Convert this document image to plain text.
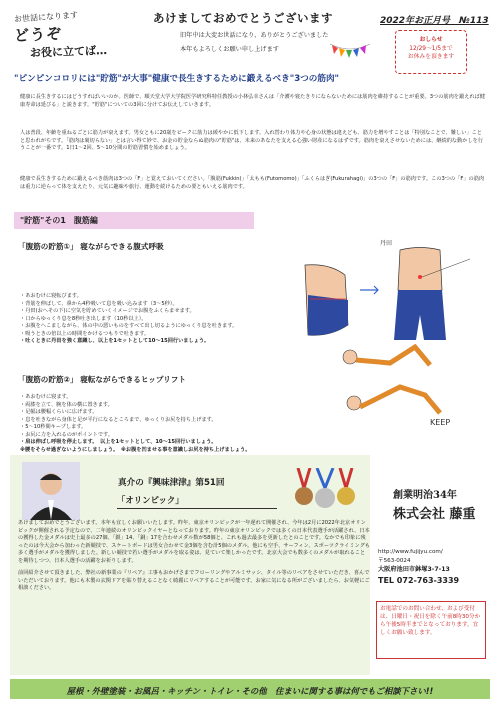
お世話になります
どうぞ
お役に立てば…
あけましておめでとうございます	2022年お正月号　№113
旧年中は大変お世話になり、ありがとうございました
本年もよろしくお願い申し上げます
おしらせ
12/29～1/5まで
お休みを頂きます
"ピンピンコロリには"貯筋"が大事"健康で長生きするために鍛えるべき"3つの筋肉"
健康に長生きするにはどうすればいいのか。医師で、順天堂大学大学院医学研究科特任教授の小林弘幸さんは「介護や寝たきりにならないためには筋肉を維持することが重要。3つの筋肉を鍛えれば健康寿命は延びる」と説きます。"貯筋"についての3回に分けてお伝えしていきます。
人は普段、年齢を重ねるごとに筋力が衰えます。男女ともに20歳をピークに筋力は緩やかに低下します。入れ替わり体力や心身の状態は違えども、筋力を増やすことは「特別なことで、難しい」ことと思われがちです。「筋肉は裏切らない」とは言い得て妙で、お金の貯金ならぬ筋肉の"貯筋"は、未来のあなたを支える心強い財産になるはずです。筋肉を衰えさせないためには、継続的な動かしを行うことが一番です。1日1～2回、5～10分間の貯筋習慣を始めましょう。
健康で長生きするために鍛えるべき筋肉は3つの「F」と覚えておいてください。「腹筋(Fukkin)」「太もも(Futomomo)」「ふくらはぎ(Fukurahagi)」の3つの「F」の筋肉です。この3つの「F」の筋肉は重力に逆らって体を支えたり、元気に趣味や旅行、運動を続けるための要ともいえる筋肉です。
"貯筋"その1　腹筋編
「腹筋の貯筋①」 寝ながらできる腹式呼吸
・あおむけに寝転びます。
・背筋を伸ばして、鼻から4秒吸いて息を吸い込みます（3～5秒）。
・丹田(おへその下)に空気を貯めていくイメージでお腹をふくらませます。
・口からゆっくり息を8秒吐き出します（10秒以上）。
・お腹をへこましながら、体の中の悪いものをすべて出し切るようにゆっくり息を吐きます。
・吸うときの倍以上の時間をかけるつもりで吐きます。
・吐くときに丹田を強く意識し、以上を1セットとして10～15回行いましょう。
丹田
「腹筋の貯筋②」 寝転ながらできるヒップリフト
・あおむけに寝ます。
・両膝を立て、腕を体の横に置きます。
・足幅は腰幅くらいに広げます。
・息を吐きながら身体と足が平行になるところまで、ゆっくりお尻を持ち上げます。
・5～10秒間キープします。
・お尻に力を入れるのがポイントです。
・肩は伸ばし呼吸を停止します。　以上を1セットとして、10～15回行いましょう。
※腰をそらせ過ぎないようにしましょう。　※お腹を凹ませる事を意識しお尻を持ち上げましょう。
KEEP
真介の『興味津津』第51回
「オリンピック」
あけましておめでとうございます。本年も宜しくお願いいたします。昨年、東京オリンピックが一年遅れて開催され、今年は2月に2022年北京オリンピックが開催される予定なので、二年連続のオリンピックイヤーとなっております。昨年の東京オリンピックでは多くの日本代表選手が活躍され、日本の獲得した金メダルは史上最多の27個、「銀」14、「銅」17を合わせメダル数が58個と、これも過去最多を更新したとのことです。なかでも印象に残ったのは今大会から加わった新競技で、スケートボードは男女合わせて金3個を含む計5個のメダル。他にも空手、サーフィン、スポーツクライミングも多く選手がメダルを獲得しました。新しい競技で若い選手がメダルを取る姿は、見ていて楽しかったです。北京大会でも数多くのメダルが取れることを期待しつつ、日本人選手の活躍をお祈りします。
前回紹介させて頂きました、弊社の新事業の『リペア』工事もおかげさまでフローリングやアルミサッシ、タイル等のリペアをさせていただき、喜んでいただいております。他にも木製の玄関ドアを貼り替えることなく綺麗にリペアすることが可能です。お家に気になる所がございましたら、お気軽にご相談ください。
創業明治34年
株式会社 藤重
http://www.fujijyu.com/
〒563-0024
大阪府池田市鉢塚3-7-13
TEL 072-763-3339
お電話でのお問い合わせ、および受付は、日曜日・祝日を除く午前8時30分から午後5時半までとなっております。宜しくお願い致します。
屋根・外壁塗装・お風呂・キッチン・トイレ・その他　住まいに関する事は何でもご相談下さい!!
